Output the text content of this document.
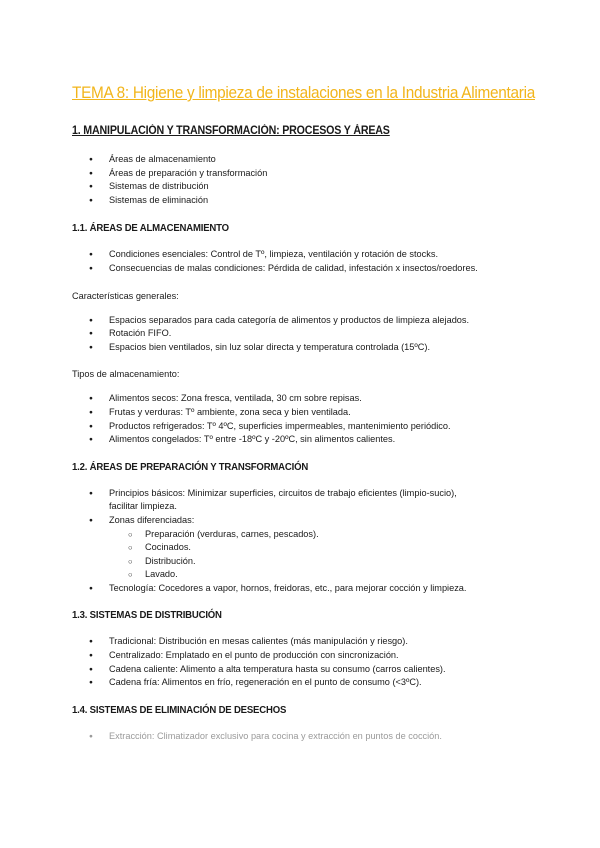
TEMA 8: Higiene y limpieza de instalaciones en la Industria Alimentaria
1. MANIPULACIÓN Y TRANSFORMACIÓN: PROCESOS Y ÁREAS
● Áreas de almacenamiento
● Áreas de preparación y transformación
● Sistemas de distribución
● Sistemas de eliminación
1.1. ÁREAS DE ALMACENAMIENTO
● Condiciones esenciales: Control de Tº, limpieza, ventilación y rotación de stocks.
● Consecuencias de malas condiciones: Pérdida de calidad, infestación x insectos/roedores.
Características generales:
● Espacios separados para cada categoría de alimentos y productos de limpieza alejados.
● Rotación FIFO.
● Espacios bien ventilados, sin luz solar directa y temperatura controlada (15ºC).
Tipos de almacenamiento:
● Alimentos secos: Zona fresca, ventilada, 30 cm sobre repisas.
● Frutas y verduras: Tº ambiente, zona seca y bien ventilada.
● Productos refrigerados: Tº 4ºC, superficies impermeables, mantenimiento periódico.
● Alimentos congelados: Tº entre -18ºC y -20ºC, sin alimentos calientes.
1.2. ÁREAS DE PREPARACIÓN Y TRANSFORMACIÓN
● Principios básicos: Minimizar superficies, circuitos de trabajo eficientes (limpio-sucio),
facilitar limpieza.
● Zonas diferenciadas:
○ Preparación (verduras, carnes, pescados).
○ Cocinados.
○ Distribución.
○ Lavado.
● Tecnología: Cocedores a vapor, hornos, freidoras, etc., para mejorar cocción y limpieza.
1.3. SISTEMAS DE DISTRIBUCIÓN
● Tradicional: Distribución en mesas calientes (más manipulación y riesgo).
● Centralizado: Emplatado en el punto de producción con sincronización.
● Cadena caliente: Alimento a alta temperatura hasta su consumo (carros calientes).
● Cadena fría: Alimentos en frío, regeneración en el punto de consumo (<3ºC).
1.4. SISTEMAS DE ELIMINACIÓN DE DESECHOS
● Extracción: Climatizador exclusivo para cocina y extracción en puntos de cocción.
